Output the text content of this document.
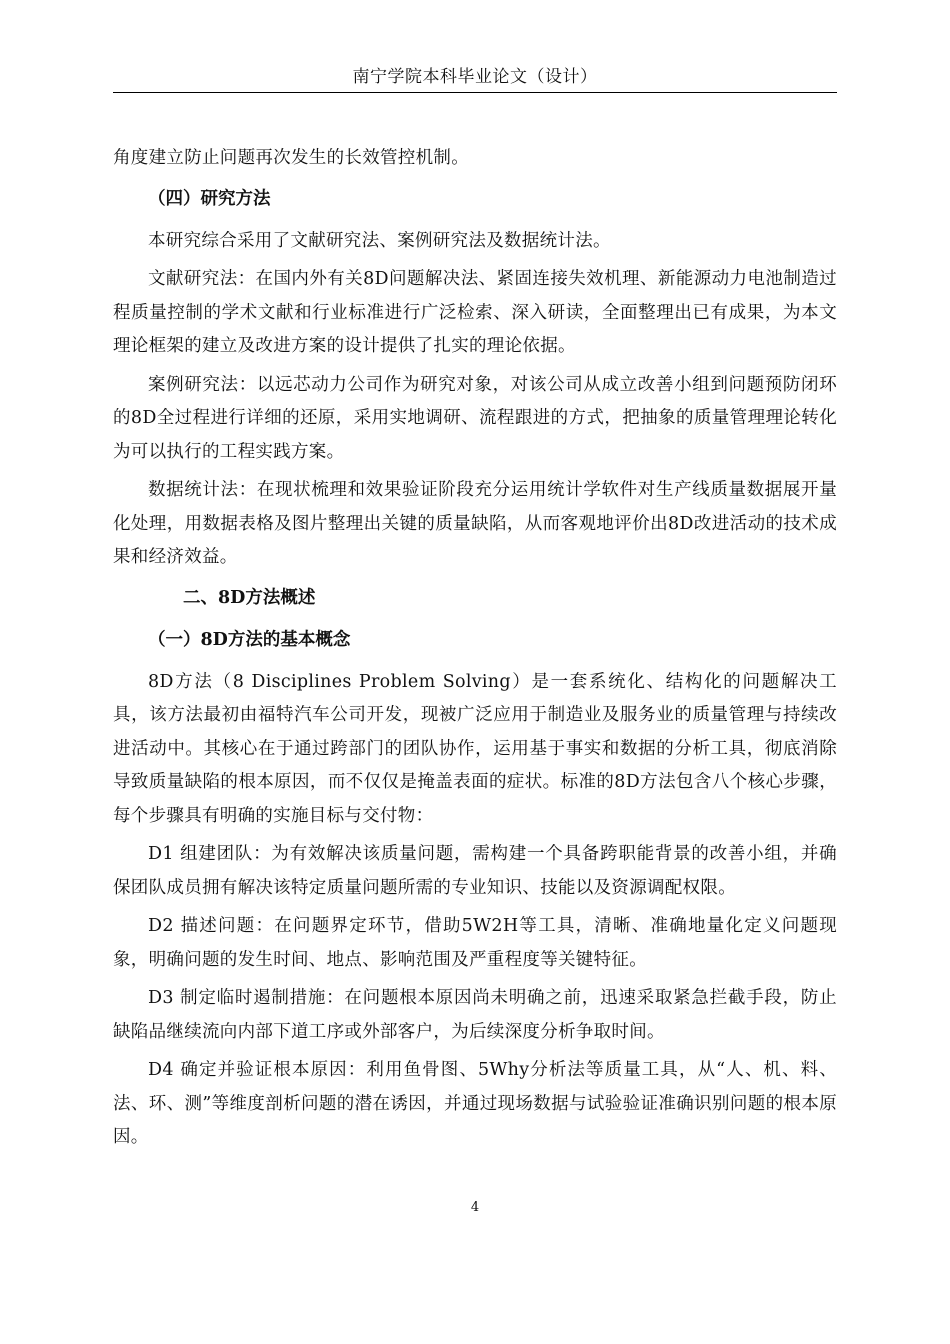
南宁学院本科毕业论文（设计）

角度建立防止问题再次发生的长效管控机制。

（四）研究方法

本研究综合采用了文献研究法、案例研究法及数据统计法。

文献研究法：在国内外有关8D问题解决法、紧固连接失效机理、新能源动力电池制造过程质量控制的学术文献和行业标准进行广泛检索、深入研读，全面整理出已有成果，为本文理论框架的建立及改进方案的设计提供了扎实的理论依据。

案例研究法：以远芯动力公司作为研究对象，对该公司从成立改善小组到问题预防闭环的8D全过程进行详细的还原，采用实地调研、流程跟进的方式，把抽象的质量管理理论转化为可以执行的工程实践方案。

数据统计法：在现状梳理和效果验证阶段充分运用统计学软件对生产线质量数据展开量化处理，用数据表格及图片整理出关键的质量缺陷，从而客观地评价出8D改进活动的技术成果和经济效益。

二、8D方法概述
（一）8D方法的基本概念

8D方法（8 Disciplines Problem Solving）是一套系统化、结构化的问题解决工具，该方法最初由福特汽车公司开发，现被广泛应用于制造业及服务业的质量管理与持续改进活动中。其核心在于通过跨部门的团队协作，运用基于事实和数据的分析工具，彻底消除导致质量缺陷的根本原因，而不仅仅是掩盖表面的症状。标准的8D方法包含八个核心步骤，每个步骤具有明确的实施目标与交付物：

D1 组建团队：为有效解决该质量问题，需构建一个具备跨职能背景的改善小组，并确保团队成员拥有解决该特定质量问题所需的专业知识、技能以及资源调配权限。

D2 描述问题：在问题界定环节，借助5W2H等工具，清晰、准确地量化定义问题现象，明确问题的发生时间、地点、影响范围及严重程度等关键特征。

D3 制定临时遏制措施：在问题根本原因尚未明确之前，迅速采取紧急拦截手段，防止缺陷品继续流向内部下道工序或外部客户，为后续深度分析争取时间。

D4 确定并验证根本原因：利用鱼骨图、5Why分析法等质量工具，从“人、机、料、法、环、测”等维度剖析问题的潜在诱因，并通过现场数据与试验验证准确识别问题的根本原因。

4
